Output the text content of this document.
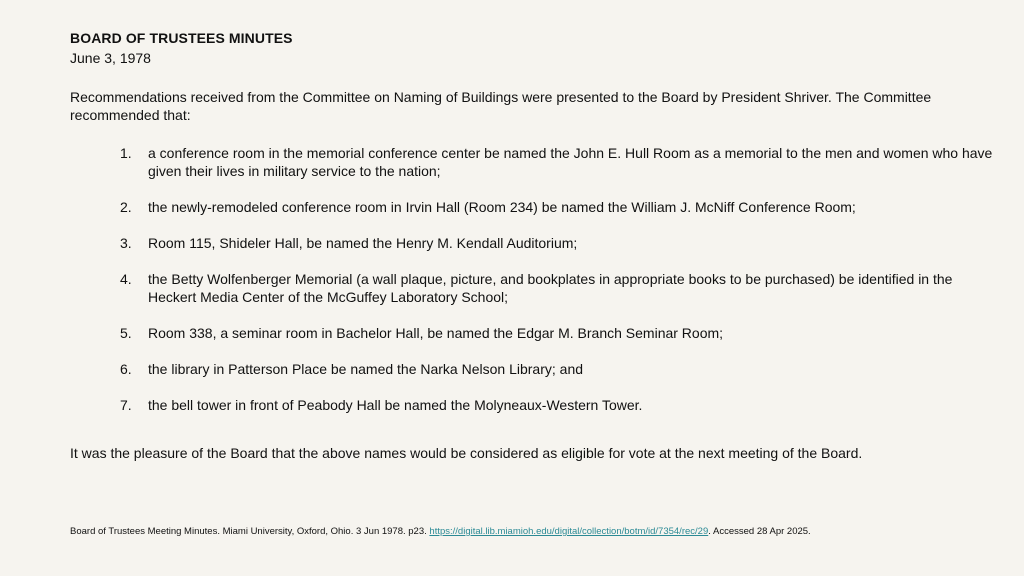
BOARD OF TRUSTEES MINUTES
June 3, 1978
Recommendations received from the Committee on Naming of Buildings were presented to the Board by President Shriver. The Committee recommended that:
1. a conference room in the memorial conference center be named the John E. Hull Room as a memorial to the men and women who have given their lives in military service to the nation;
2. the newly-remodeled conference room in Irvin Hall (Room 234) be named the William J. McNiff Conference Room;
3. Room 115, Shideler Hall, be named the Henry M. Kendall Auditorium;
4. the Betty Wolfenberger Memorial (a wall plaque, picture, and bookplates in appropriate books to be purchased) be identified in the Heckert Media Center of the McGuffey Laboratory School;
5. Room 338, a seminar room in Bachelor Hall, be named the Edgar M. Branch Seminar Room;
6. the library in Patterson Place be named the Narka Nelson Library; and
7. the bell tower in front of Peabody Hall be named the Molyneaux-Western Tower.
It was the pleasure of the Board that the above names would be considered as eligible for vote at the next meeting of the Board.
Board of Trustees Meeting Minutes. Miami University, Oxford, Ohio. 3 Jun 1978. p23. https://digital.lib.miamioh.edu/digital/collection/botm/id/7354/rec/29. Accessed 28 Apr 2025.
